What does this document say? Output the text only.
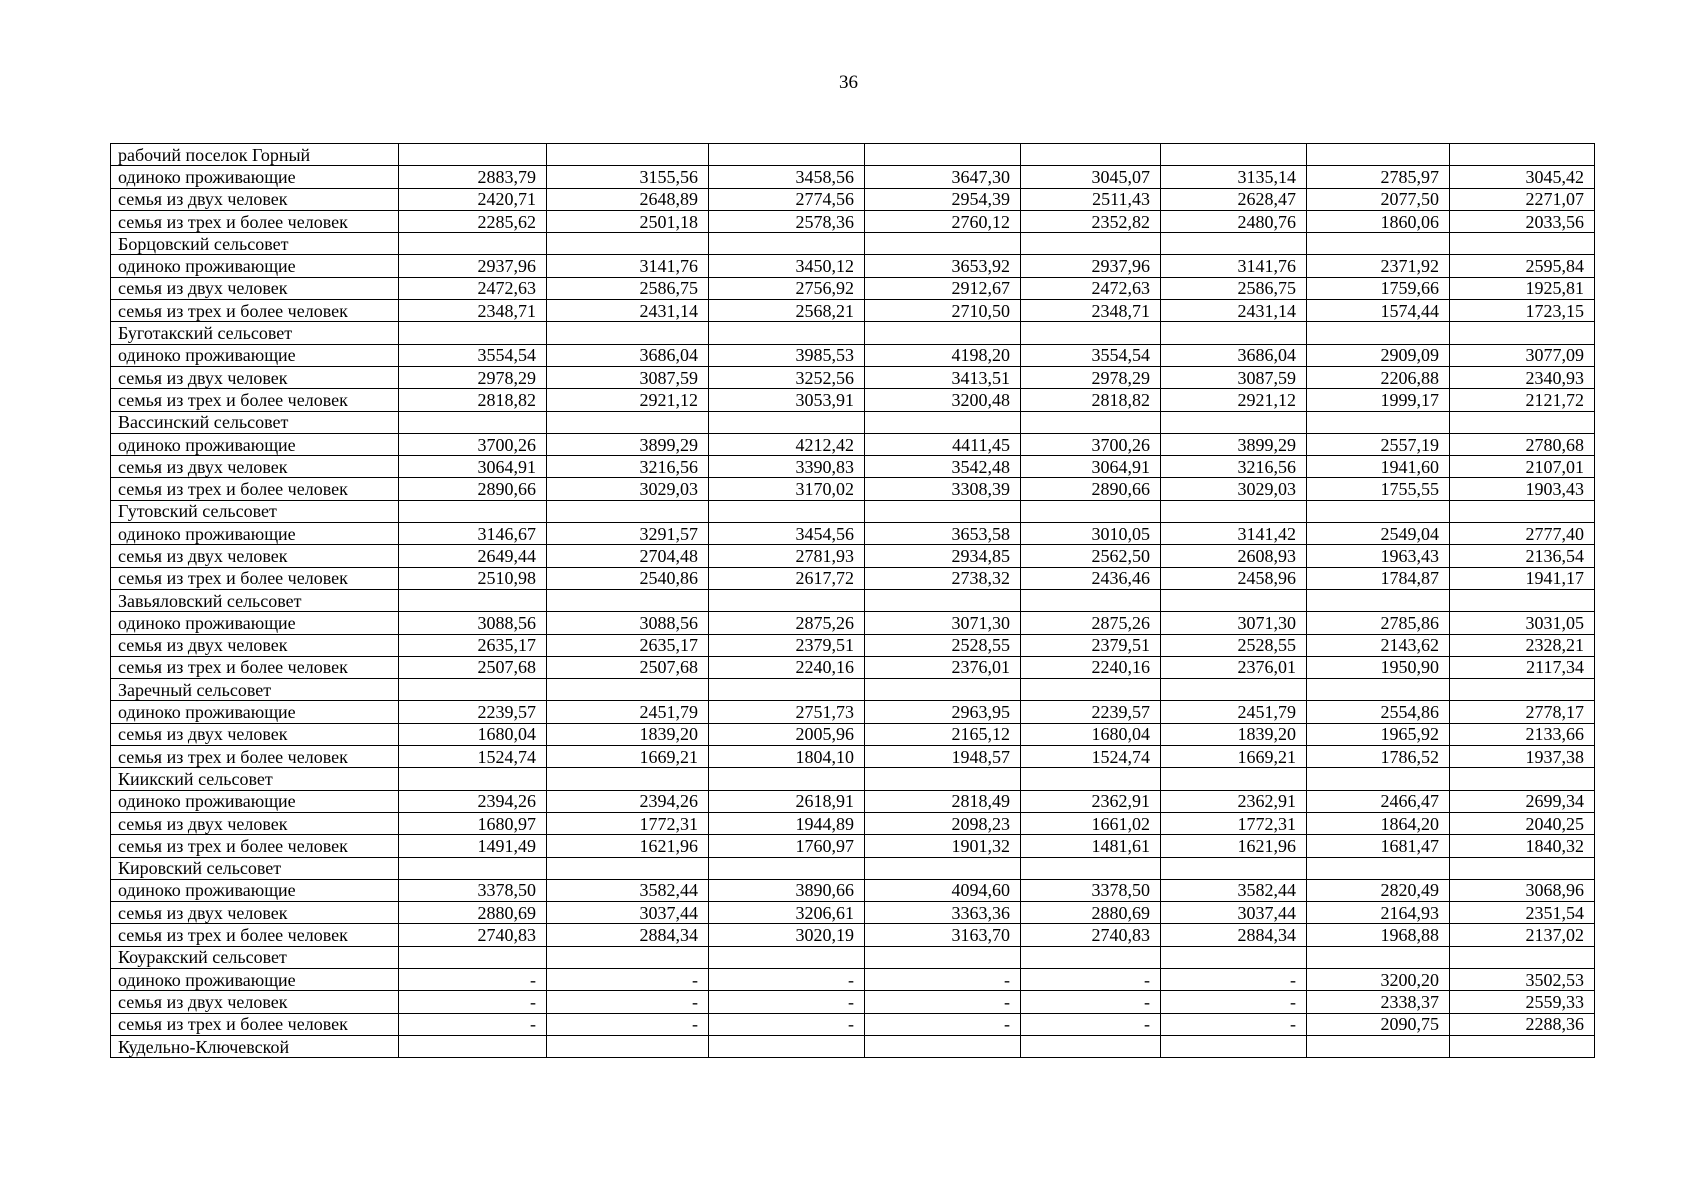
36
рабочий поселок Горный								
одиноко проживающие	2883,79	3155,56	3458,56	3647,30	3045,07	3135,14	2785,97	3045,42
семья из двух человек	2420,71	2648,89	2774,56	2954,39	2511,43	2628,47	2077,50	2271,07
семья из трех и более человек	2285,62	2501,18	2578,36	2760,12	2352,82	2480,76	1860,06	2033,56
Борцовский сельсовет								
одиноко проживающие	2937,96	3141,76	3450,12	3653,92	2937,96	3141,76	2371,92	2595,84
семья из двух человек	2472,63	2586,75	2756,92	2912,67	2472,63	2586,75	1759,66	1925,81
семья из трех и более человек	2348,71	2431,14	2568,21	2710,50	2348,71	2431,14	1574,44	1723,15
Буготакский сельсовет								
одиноко проживающие	3554,54	3686,04	3985,53	4198,20	3554,54	3686,04	2909,09	3077,09
семья из двух человек	2978,29	3087,59	3252,56	3413,51	2978,29	3087,59	2206,88	2340,93
семья из трех и более человек	2818,82	2921,12	3053,91	3200,48	2818,82	2921,12	1999,17	2121,72
Вассинский сельсовет								
одиноко проживающие	3700,26	3899,29	4212,42	4411,45	3700,26	3899,29	2557,19	2780,68
семья из двух человек	3064,91	3216,56	3390,83	3542,48	3064,91	3216,56	1941,60	2107,01
семья из трех и более человек	2890,66	3029,03	3170,02	3308,39	2890,66	3029,03	1755,55	1903,43
Гутовский сельсовет								
одиноко проживающие	3146,67	3291,57	3454,56	3653,58	3010,05	3141,42	2549,04	2777,40
семья из двух человек	2649,44	2704,48	2781,93	2934,85	2562,50	2608,93	1963,43	2136,54
семья из трех и более человек	2510,98	2540,86	2617,72	2738,32	2436,46	2458,96	1784,87	1941,17
Завьяловский сельсовет								
одиноко проживающие	3088,56	3088,56	2875,26	3071,30	2875,26	3071,30	2785,86	3031,05
семья из двух человек	2635,17	2635,17	2379,51	2528,55	2379,51	2528,55	2143,62	2328,21
семья из трех и более человек	2507,68	2507,68	2240,16	2376,01	2240,16	2376,01	1950,90	2117,34
Заречный сельсовет								
одиноко проживающие	2239,57	2451,79	2751,73	2963,95	2239,57	2451,79	2554,86	2778,17
семья из двух человек	1680,04	1839,20	2005,96	2165,12	1680,04	1839,20	1965,92	2133,66
семья из трех и более человек	1524,74	1669,21	1804,10	1948,57	1524,74	1669,21	1786,52	1937,38
Киикский сельсовет								
одиноко проживающие	2394,26	2394,26	2618,91	2818,49	2362,91	2362,91	2466,47	2699,34
семья из двух человек	1680,97	1772,31	1944,89	2098,23	1661,02	1772,31	1864,20	2040,25
семья из трех и более человек	1491,49	1621,96	1760,97	1901,32	1481,61	1621,96	1681,47	1840,32
Кировский сельсовет								
одиноко проживающие	3378,50	3582,44	3890,66	4094,60	3378,50	3582,44	2820,49	3068,96
семья из двух человек	2880,69	3037,44	3206,61	3363,36	2880,69	3037,44	2164,93	2351,54
семья из трех и более человек	2740,83	2884,34	3020,19	3163,70	2740,83	2884,34	1968,88	2137,02
Коуракский сельсовет								
одиноко проживающие	-	-	-	-	-	-	3200,20	3502,53
семья из двух человек	-	-	-	-	-	-	2338,37	2559,33
семья из трех и более человек	-	-	-	-	-	-	2090,75	2288,36
Кудельно-Ключевской								
